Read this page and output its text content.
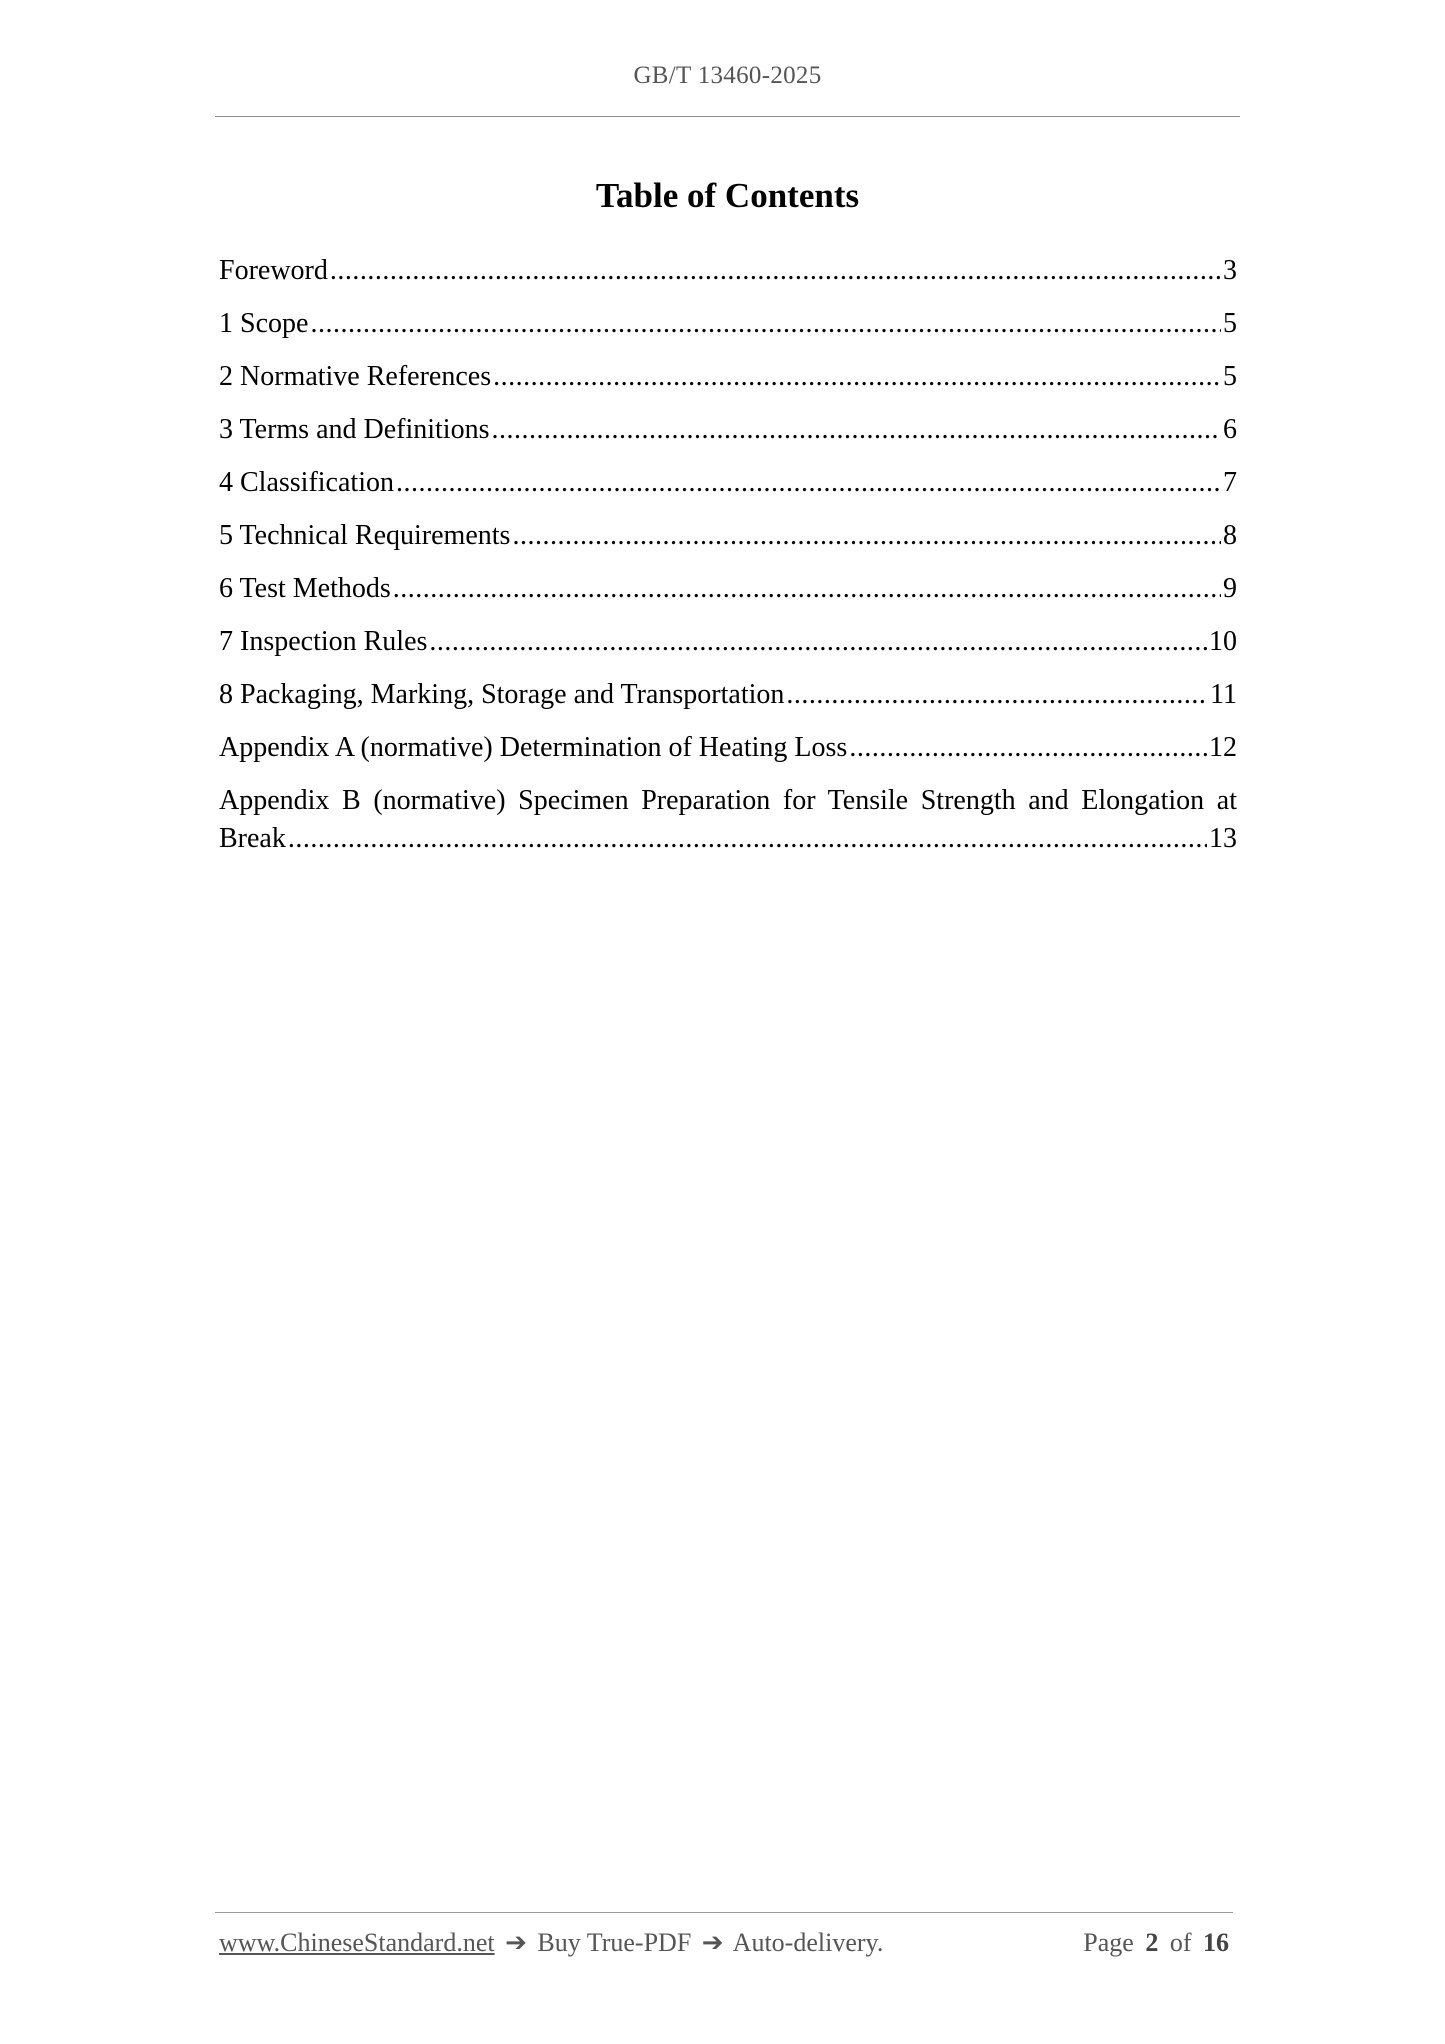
GB/T 13460-2025
Table of Contents
Foreword .....	3
1 Scope .....	5
2 Normative References .....	5
3 Terms and Definitions .....	6
4 Classification .....	7
5 Technical Requirements .....	8
6 Test Methods .....	9
7 Inspection Rules .....	10
8 Packaging, Marking, Storage and Transportation .....	11
Appendix A (normative) Determination of Heating Loss .....	12
Appendix B (normative) Specimen Preparation for Tensile Strength and Elongation at
Break .....	13
www.ChineseStandard.net ➔ Buy True-PDF ➔ Auto-delivery.	Page 2 of 16
